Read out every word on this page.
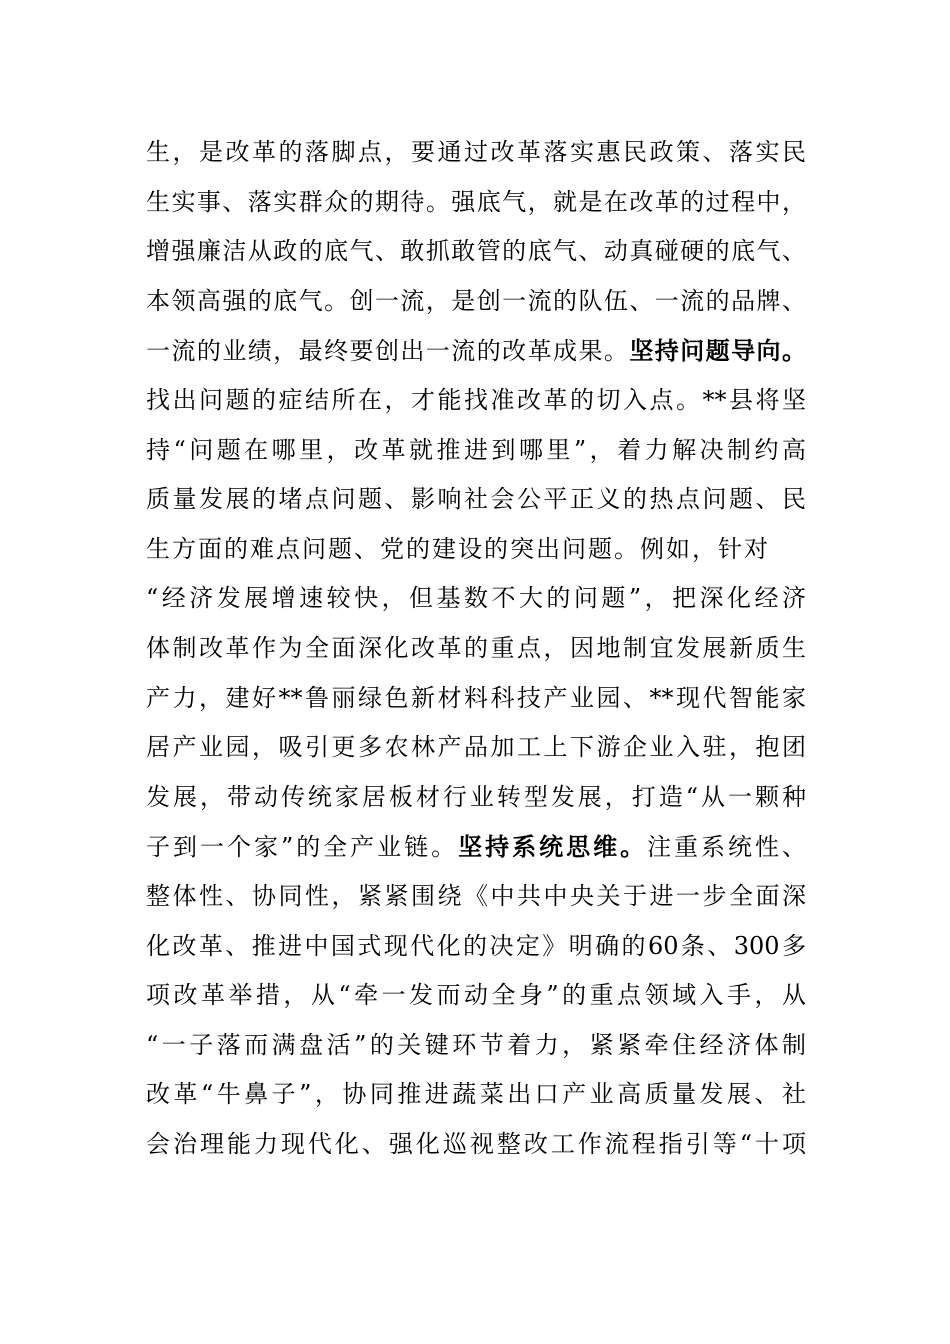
生，是改革的落脚点，要通过改革落实惠民政策、落实民
生实事、落实群众的期待。强底气，就是在改革的过程中，
增强廉洁从政的底气、敢抓敢管的底气、动真碰硬的底气、
本领高强的底气。创一流，是创一流的队伍、一流的品牌、
一流的业绩，最终要创出一流的改革成果。坚持问题导向。
找出问题的症结所在，才能找准改革的切入点。**县将坚
持“问题在哪里，改革就推进到哪里”，着力解决制约高
质量发展的堵点问题、影响社会公平正义的热点问题、民
生方面的难点问题、党的建设的突出问题。例如，针对
“经济发展增速较快，但基数不大的问题”，把深化经济
体制改革作为全面深化改革的重点，因地制宜发展新质生
产力，建好**鲁丽绿色新材料科技产业园、**现代智能家
居产业园，吸引更多农林产品加工上下游企业入驻，抱团
发展，带动传统家居板材行业转型发展，打造“从一颗种
子到一个家”的全产业链。坚持系统思维。注重系统性、
整体性、协同性，紧紧围绕《中共中央关于进一步全面深
化改革、推进中国式现代化的决定》明确的60条、300多
项改革举措，从“牵一发而动全身”的重点领域入手，从
“一子落而满盘活”的关键环节着力，紧紧牵住经济体制
改革“牛鼻子”，协同推进蔬菜出口产业高质量发展、社
会治理能力现代化、强化巡视整改工作流程指引等“十项
